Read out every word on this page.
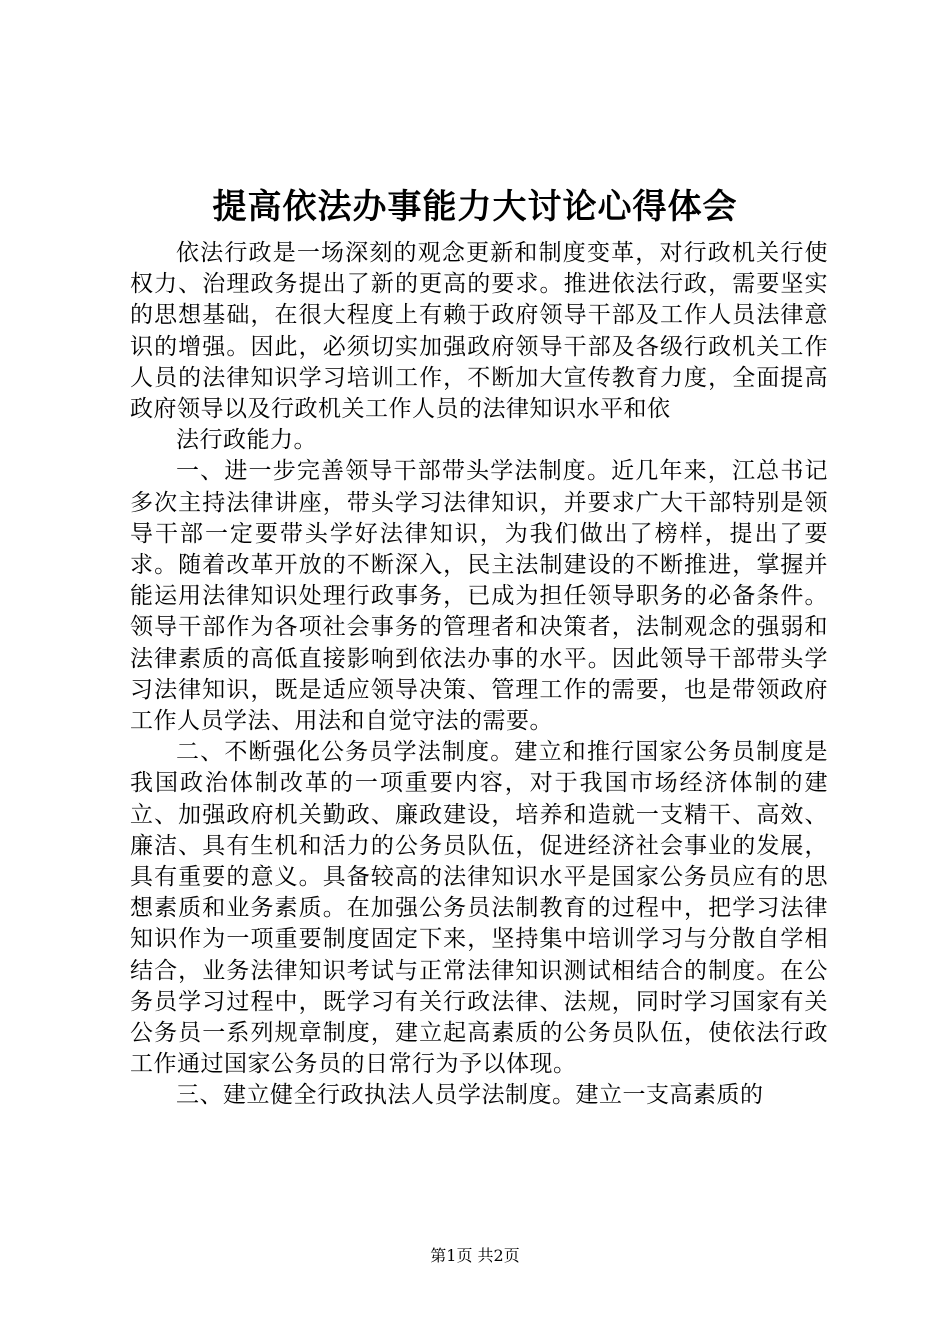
提高依法办事能力大讨论心得体会

依法行政是一场深刻的观念更新和制度变革，对行政机关行使权力、治理政务提出了新的更高的要求。推进依法行政，需要坚实的思想基础，在很大程度上有赖于政府领导干部及工作人员法律意识的增强。因此，必须切实加强政府领导干部及各级行政机关工作人员的法律知识学习培训工作，不断加大宣传教育力度，全面提高政府领导以及行政机关工作人员的法律知识水平和依

法行政能力。

一、进一步完善领导干部带头学法制度。近几年来，江总书记多次主持法律讲座，带头学习法律知识，并要求广大干部特别是领导干部一定要带头学好法律知识，为我们做出了榜样，提出了要求。随着改革开放的不断深入，民主法制建设的不断推进，掌握并能运用法律知识处理行政事务，已成为担任领导职务的必备条件。领导干部作为各项社会事务的管理者和决策者，法制观念的强弱和法律素质的高低直接影响到依法办事的水平。因此领导干部带头学习法律知识，既是适应领导决策、管理工作的需要，也是带领政府工作人员学法、用法和自觉守法的需要。

二、不断强化公务员学法制度。建立和推行国家公务员制度是我国政治体制改革的一项重要内容，对于我国市场经济体制的建立、加强政府机关勤政、廉政建设，培养和造就一支精干、高效、廉洁、具有生机和活力的公务员队伍，促进经济社会事业的发展，具有重要的意义。具备较高的法律知识水平是国家公务员应有的思想素质和业务素质。在加强公务员法制教育的过程中，把学习法律知识作为一项重要制度固定下来，坚持集中培训学习与分散自学相结合，业务法律知识考试与正常法律知识测试相结合的制度。在公务员学习过程中，既学习有关行政法律、法规，同时学习国家有关公务员一系列规章制度，建立起高素质的公务员队伍，使依法行政工作通过国家公务员的日常行为予以体现。

三、建立健全行政执法人员学法制度。建立一支高素质的

第1页 共2页
